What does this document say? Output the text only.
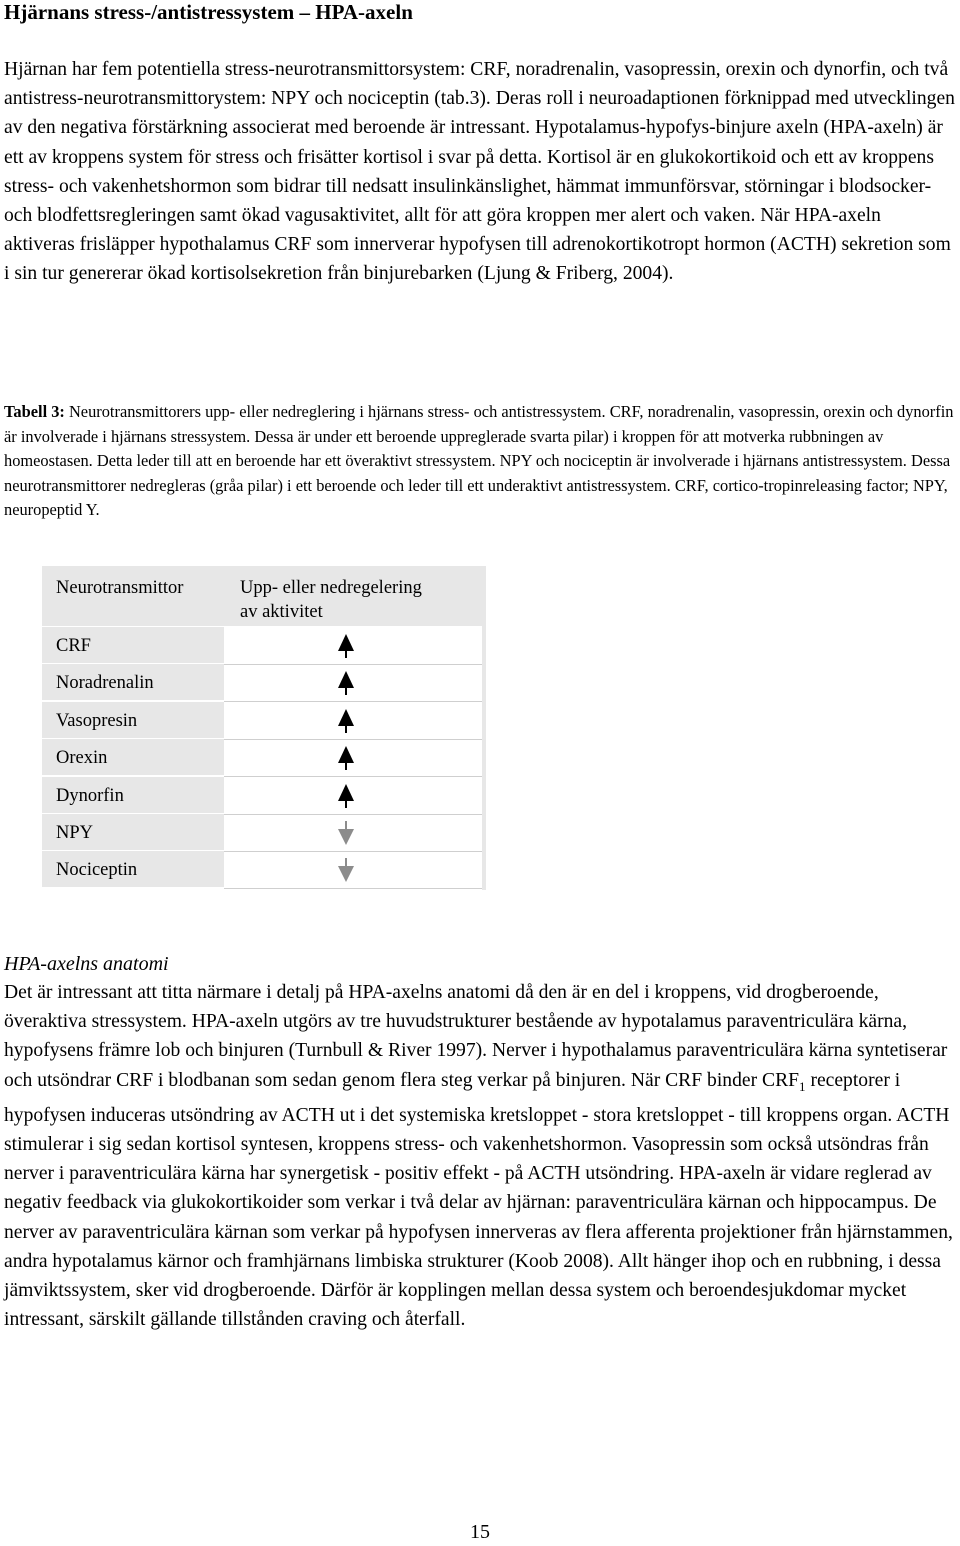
Hjärnans stress-/antistressystem – HPA-axeln

Hjärnan har fem potentiella stress-neurotransmittorsystem: CRF, noradrenalin, vasopressin, orexin och dynorfin, och två antistress-neurotransmittorystem: NPY och nociceptin (tab.3). Deras roll i neuroadaptionen förknippad med utvecklingen av den negativa förstärkning associerat med beroende är intressant. Hypotalamus-hypofys-binjure axeln (HPA-axeln) är ett av kroppens system för stress och frisätter kortisol i svar på detta. Kortisol är en glukokortikoid och ett av kroppens stress- och vakenhetshormon som bidrar till nedsatt insulinkänslighet, hämmat immunförsvar, störningar i blodsocker- och blodfettsregleringen samt ökad vagusaktivitet, allt för att göra kroppen mer alert och vaken. När HPA-axeln aktiveras frisläpper hypothalamus CRF som innerverar hypofysen till adrenokortikotropt hormon (ACTH) sekretion som i sin tur genererar ökad kortisolsekretion från binjurebarken (Ljung & Friberg, 2004).

Tabell 3: Neurotransmittorers upp- eller nedreglering i hjärnans stress- och antistressystem. CRF, noradrenalin, vasopressin, orexin och dynorfin är involverade i hjärnans stressystem. Dessa är under ett beroende uppreglerade svarta pilar) i kroppen för att motverka rubbningen av homeostasen. Detta leder till att en beroende har ett överaktivt stressystem. NPY och nociceptin är involverade i hjärnans antistressystem. Dessa neurotransmittorer nedregleras (gråa pilar) i ett beroende och leder till ett underaktivt antistressystem. CRF, cortico-tropinreleasing factor; NPY, neuropeptid Y.

Neurotransmittor	Upp- eller nedregelering
av aktivitet
CRF
Noradrenalin
Vasopresin
Orexin
Dynorfin
NPY
Nociceptin

HPA-axelns anatomi

Det är intressant att titta närmare i detalj på HPA-axelns anatomi då den är en del i kroppens, vid drogberoende, överaktiva stressystem. HPA-axeln utgörs av tre huvudstrukturer bestående av hypotalamus paraventriculära kärna, hypofysens främre lob och binjuren (Turnbull & River 1997). Nerver i hypothalamus paraventriculära kärna syntetiserar och utsöndrar CRF i blodbanan som sedan genom flera steg verkar på binjuren. När CRF binder $CRF_1$ receptorer i hypofysen induceras utsöndring av ACTH ut i det systemiska kretsloppet - stora kretsloppet - till kroppens organ. ACTH stimulerar i sig sedan kortisol syntesen, kroppens stress- och vakenhetshormon. Vasopressin som också utsöndras från nerver i paraventriculära kärna har synergetisk - positiv effekt - på ACTH utsöndring. HPA-axeln är vidare reglerad av negativ feedback via glukokortikoider som verkar i två delar av hjärnan: paraventriculära kärnan och hippocampus. De nerver av paraventriculära kärnan som verkar på hypofysen innerveras av flera afferenta projektioner från hjärnstammen, andra hypotalamus kärnor och framhjärnans limbiska strukturer (Koob 2008). Allt hänger ihop och en rubbning, i dessa jämviktssystem, sker vid drogberoende. Därför är kopplingen mellan dessa system och beroendesjukdomar mycket intressant, särskilt gällande tillstånden craving och återfall.

15
